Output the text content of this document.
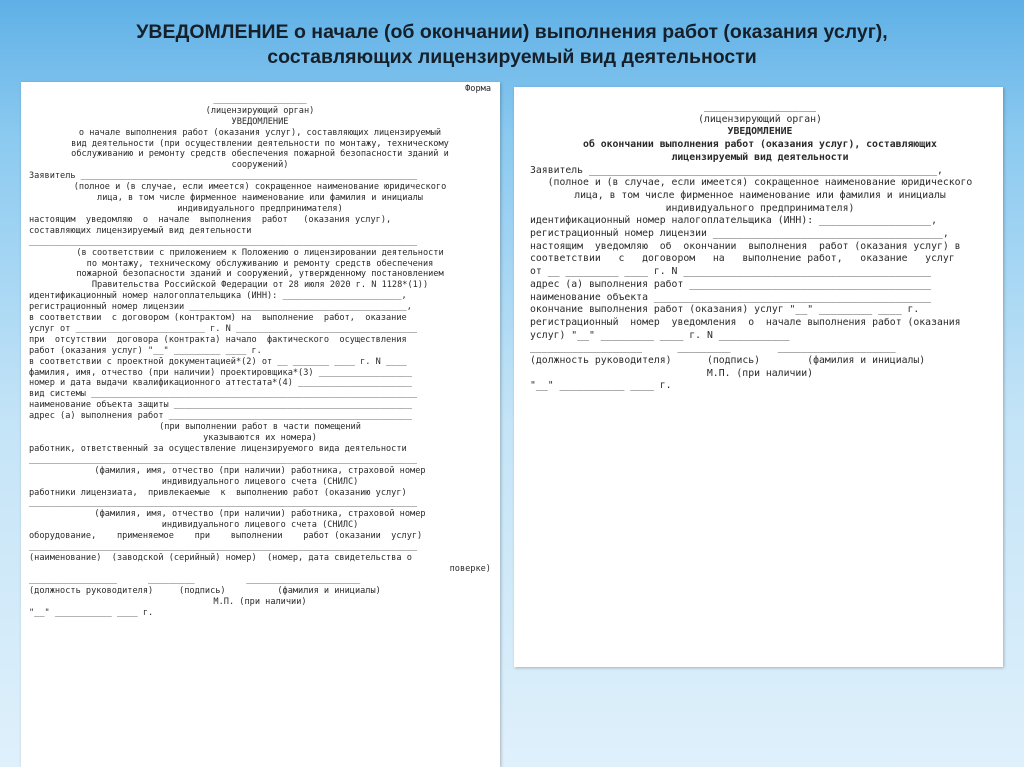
УВЕДОМЛЕНИЕ о начале (об окончании) выполнения работ (оказания услуг),
составляющих лицензируемый вид деятельности
Форма
__________________
(лицензирующий орган)
УВЕДОМЛЕНИЕ
о начале выполнения работ (оказания услуг), составляющих лицензируемый
вид деятельности (при осуществлении деятельности по монтажу, техническому
обслуживанию и ремонту средств обеспечения пожарной безопасности зданий и
сооружений)
Заявитель _________________________________________________________________
(полное и (в случае, если имеется) сокращенное наименование юридического
лица, в том числе фирменное наименование или фамилия и инициалы
индивидуального предпринимателя)
настоящим  уведомляю  о  начале  выполнения  работ   (оказания услуг),
составляющих лицензируемый вид деятельности
___________________________________________________________________________
(в соответствии с приложением к Положению о лицензировании деятельности
по монтажу, техническому обслуживанию и ремонту средств обеспечения
пожарной безопасности зданий и сооружений, утвержденному постановлением
Правительства Российской Федерации от 28 июля 2020 г. N 1128*(1))
идентификационный номер налогоплательщика (ИНН): _______________________,
регистрационный номер лицензии __________________________________________,
в соответствии  с договором (контрактом) на  выполнение  работ,  оказание
услуг от _________________________ г. N ___________________________________
при  отсутствии  договора (контракта) начало  фактического  осуществления
работ (оказания услуг) "__" _________ ____ г.
в соответствии с проектной документацией*(2) от __ _______ ____ г. N ____
фамилия, имя, отчество (при наличии) проектировщика*(3) __________________
номер и дата выдачи квалификационного аттестата*(4) ______________________
вид системы _______________________________________________________________
наименование объекта защиты ______________________________________________
адрес (а) выполнения работ _______________________________________________
(при выполнении работ в части помещений
указываются их номера)
работник, ответственный за осуществление лицензируемого вида деятельности
___________________________________________________________________________
(фамилия, имя, отчество (при наличии) работника, страховой номер
индивидуального лицевого счета (СНИЛС)
работники лицензиата,  привлекаемые  к  выполнению работ (оказанию услуг)
___________________________________________________________________________
(фамилия, имя, отчество (при наличии) работника, страховой номер
индивидуального лицевого счета (СНИЛС)
оборудование,    применяемое    при    выполнении    работ (оказании  услуг)
___________________________________________________________________________
(наименование)  (заводской (серийный) номер)  (номер, дата свидетельства о
поверке)
_________________      _________          ______________________
(должность руководителя)     (подпись)          (фамилия и инициалы)
М.П. (при наличии)
"__" ___________ ____ г.
___________________
(лицензирующий орган)
УВЕДОМЛЕНИЕ
об окончании выполнения работ (оказания услуг), составляющих
лицензируемый вид деятельности
Заявитель ___________________________________________________________,
(полное и (в случае, если имеется) сокращенное наименование юридического
лица, в том числе фирменное наименование или фамилия и инициалы
индивидуального предпринимателя)
идентификационный номер налогоплательщика (ИНН): ___________________,
регистрационный номер лицензии _______________________________________,
настоящим  уведомляю  об  окончании  выполнения  работ (оказания услуг) в
соответствии   с   договором   на   выполнение работ,   оказание   услуг
от __ _________ ____ г. N __________________________________________
адрес (а) выполнения работ _________________________________________
наименование объекта _______________________________________________
окончание выполнения работ (оказания) услуг "__" _________ ____ г.
регистрационный  номер  уведомления  о  начале выполнения работ (оказания
услуг) "__" _________ ____ г. N ____________
___________________      _________        ____________________
(должность руководителя)      (подпись)        (фамилия и инициалы)
М.П. (при наличии)
"__" ___________ ____ г.
